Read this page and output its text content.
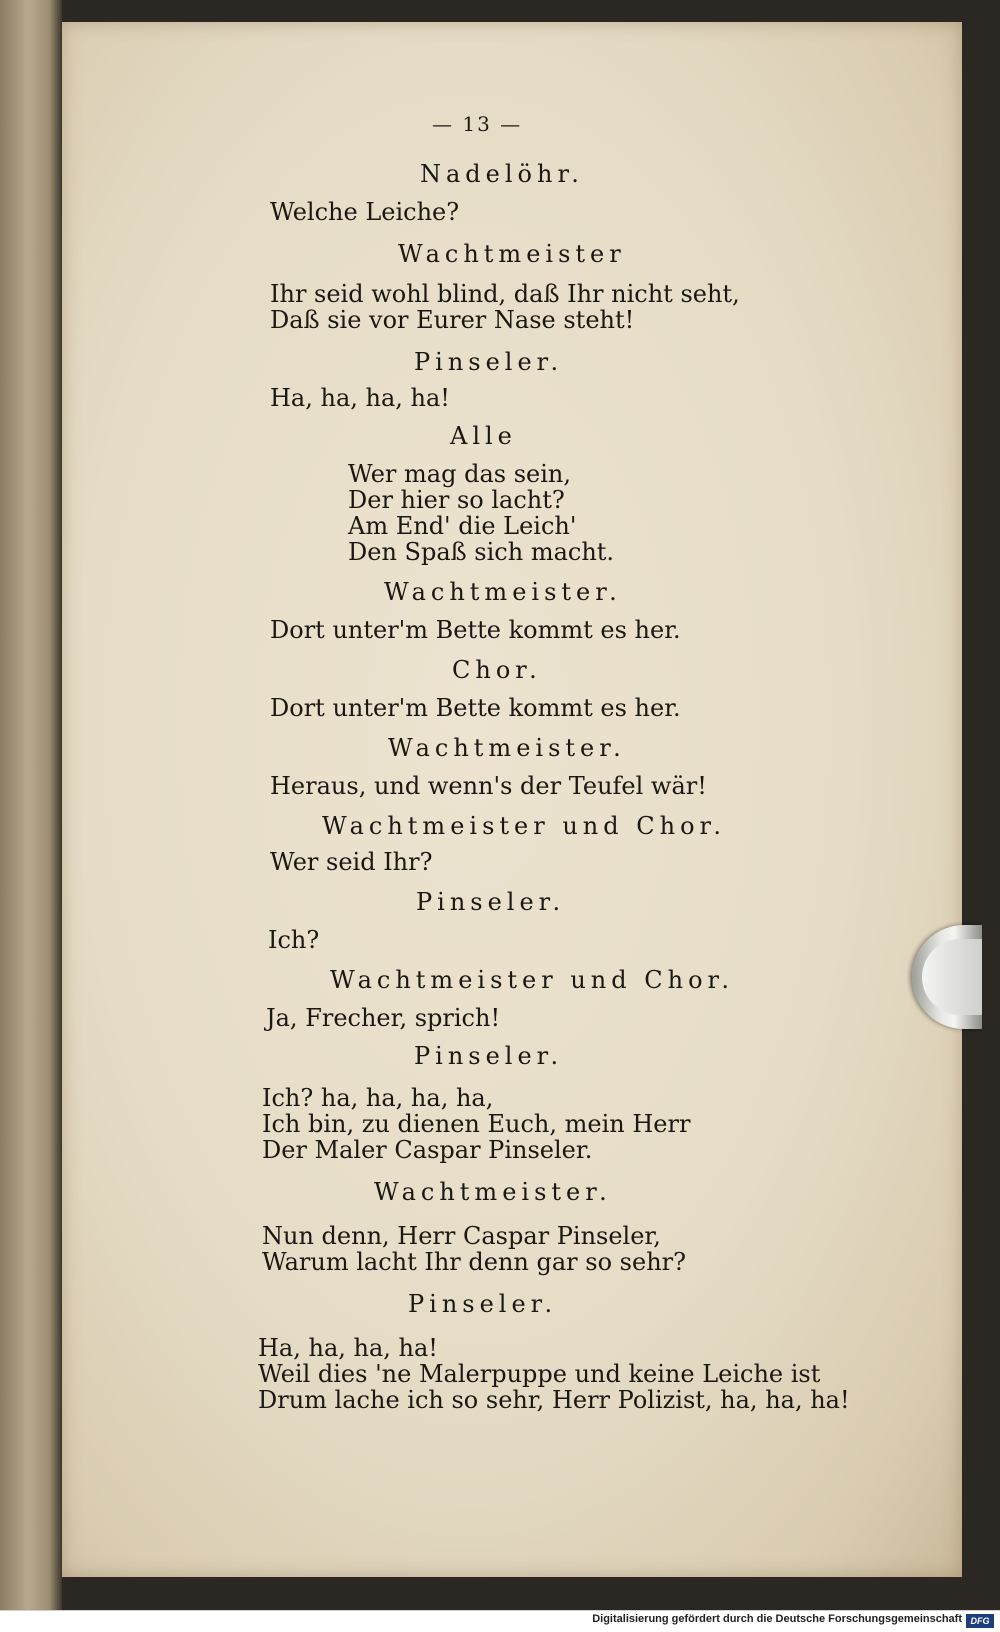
— 13 —
Nadelöhr.
Welche Leiche?
Wachtmeister
Ihr seid wohl blind, daß Ihr nicht seht,
Daß sie vor Eurer Nase steht!
Pinseler.
Ha, ha, ha, ha!
Alle
Wer mag das sein,
Der hier so lacht?
Am End' die Leich'
Den Spaß sich macht.
Wachtmeister.
Dort unter'm Bette kommt es her.
Chor.
Dort unter'm Bette kommt es her.
Wachtmeister.
Heraus, und wenn's der Teufel wär!
Wachtmeister und Chor.
Wer seid Ihr?
Pinseler.
Ich?
Wachtmeister und Chor.
Ja, Frecher, sprich!
Pinseler.
Ich? ha, ha, ha, ha,
Ich bin, zu dienen Euch, mein Herr
Der Maler Caspar Pinseler.
Wachtmeister.
Nun denn, Herr Caspar Pinseler,
Warum lacht Ihr denn gar so sehr?
Pinseler.
Ha, ha, ha, ha!
Weil dies 'ne Malerpuppe und keine Leiche ist
Drum lache ich so sehr, Herr Polizist, ha, ha, ha!
Digitalisierung gefördert durch die Deutsche Forschungsgemeinschaft DFG
